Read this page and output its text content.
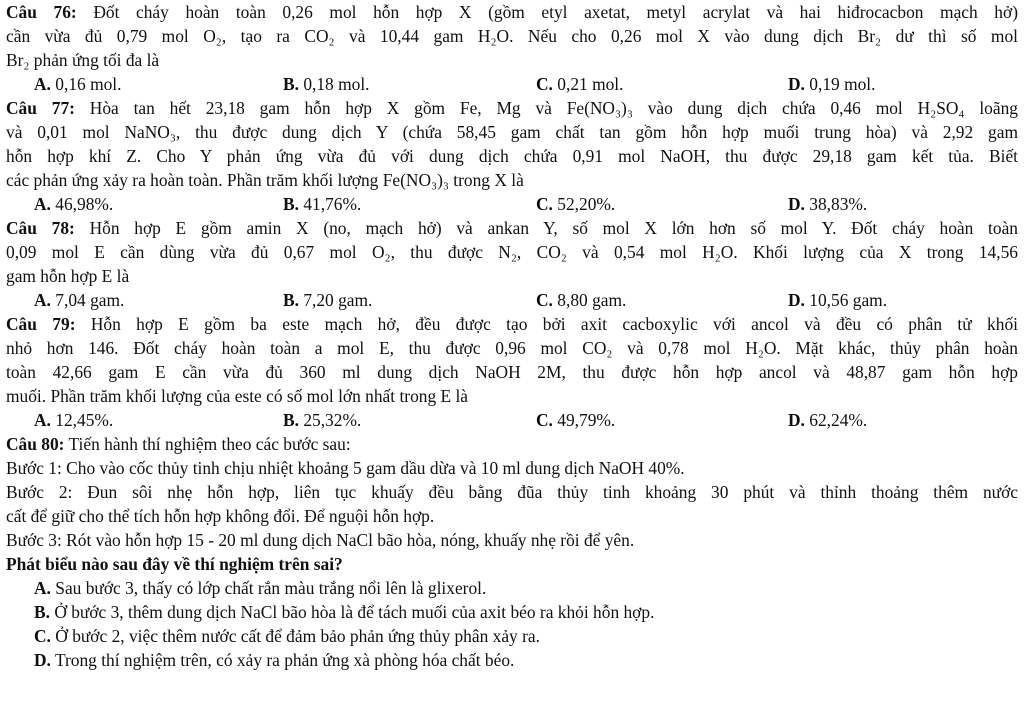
Câu 76: Đốt cháy hoàn toàn 0,26 mol hỗn hợp X (gồm etyl axetat, metyl acrylat và hai hiđrocacbon mạch hở)
cần vừa đủ 0,79 mol O₂, tạo ra CO₂ và 10,44 gam H₂O. Nếu cho 0,26 mol X vào dung dịch Br₂ dư thì số mol
Br₂ phản ứng tối đa là
A. 0,16 mol.	B. 0,18 mol.	C. 0,21 mol.	D. 0,19 mol.
Câu 77: Hòa tan hết 23,18 gam hỗn hợp X gồm Fe, Mg và Fe(NO₃)₃ vào dung dịch chứa 0,46 mol H₂SO₄ loãng
và 0,01 mol NaNO₃, thu được dung dịch Y (chứa 58,45 gam chất tan gồm hỗn hợp muối trung hòa) và 2,92 gam
hỗn hợp khí Z. Cho Y phản ứng vừa đủ với dung dịch chứa 0,91 mol NaOH, thu được 29,18 gam kết tủa. Biết
các phản ứng xảy ra hoàn toàn. Phần trăm khối lượng Fe(NO₃)₃ trong X là
A. 46,98%.	B. 41,76%.	C. 52,20%.	D. 38,83%.
Câu 78: Hỗn hợp E gồm amin X (no, mạch hở) và ankan Y, số mol X lớn hơn số mol Y. Đốt cháy hoàn toàn
0,09 mol E cần dùng vừa đủ 0,67 mol O₂, thu được N₂, CO₂ và 0,54 mol H₂O. Khối lượng của X trong 14,56
gam hỗn hợp E là
A. 7,04 gam.	B. 7,20 gam.	C. 8,80 gam.	D. 10,56 gam.
Câu 79: Hỗn hợp E gồm ba este mạch hở, đều được tạo bởi axit cacboxylic với ancol và đều có phân tử khối
nhỏ hơn 146. Đốt cháy hoàn toàn a mol E, thu được 0,96 mol CO₂ và 0,78 mol H₂O. Mặt khác, thủy phân hoàn
toàn 42,66 gam E cần vừa đủ 360 ml dung dịch NaOH 2M, thu được hỗn hợp ancol và 48,87 gam hỗn hợp
muối. Phần trăm khối lượng của este có số mol lớn nhất trong E là
A. 12,45%.	B. 25,32%.	C. 49,79%.	D. 62,24%.
Câu 80: Tiến hành thí nghiệm theo các bước sau:
Bước 1: Cho vào cốc thủy tinh chịu nhiệt khoảng 5 gam dầu dừa và 10 ml dung dịch NaOH 40%.
Bước 2: Đun sôi nhẹ hỗn hợp, liên tục khuấy đều bằng đũa thủy tinh khoảng 30 phút và thỉnh thoảng thêm nước
cất để giữ cho thể tích hỗn hợp không đổi. Để nguội hỗn hợp.
Bước 3: Rót vào hỗn hợp 15 - 20 ml dung dịch NaCl bão hòa, nóng, khuấy nhẹ rồi để yên.
Phát biểu nào sau đây về thí nghiệm trên sai?
A. Sau bước 3, thấy có lớp chất rắn màu trắng nổi lên là glixerol.
B. Ở bước 3, thêm dung dịch NaCl bão hòa là để tách muối của axit béo ra khỏi hỗn hợp.
C. Ở bước 2, việc thêm nước cất để đảm bảo phản ứng thủy phân xảy ra.
D. Trong thí nghiệm trên, có xảy ra phản ứng xà phòng hóa chất béo.
